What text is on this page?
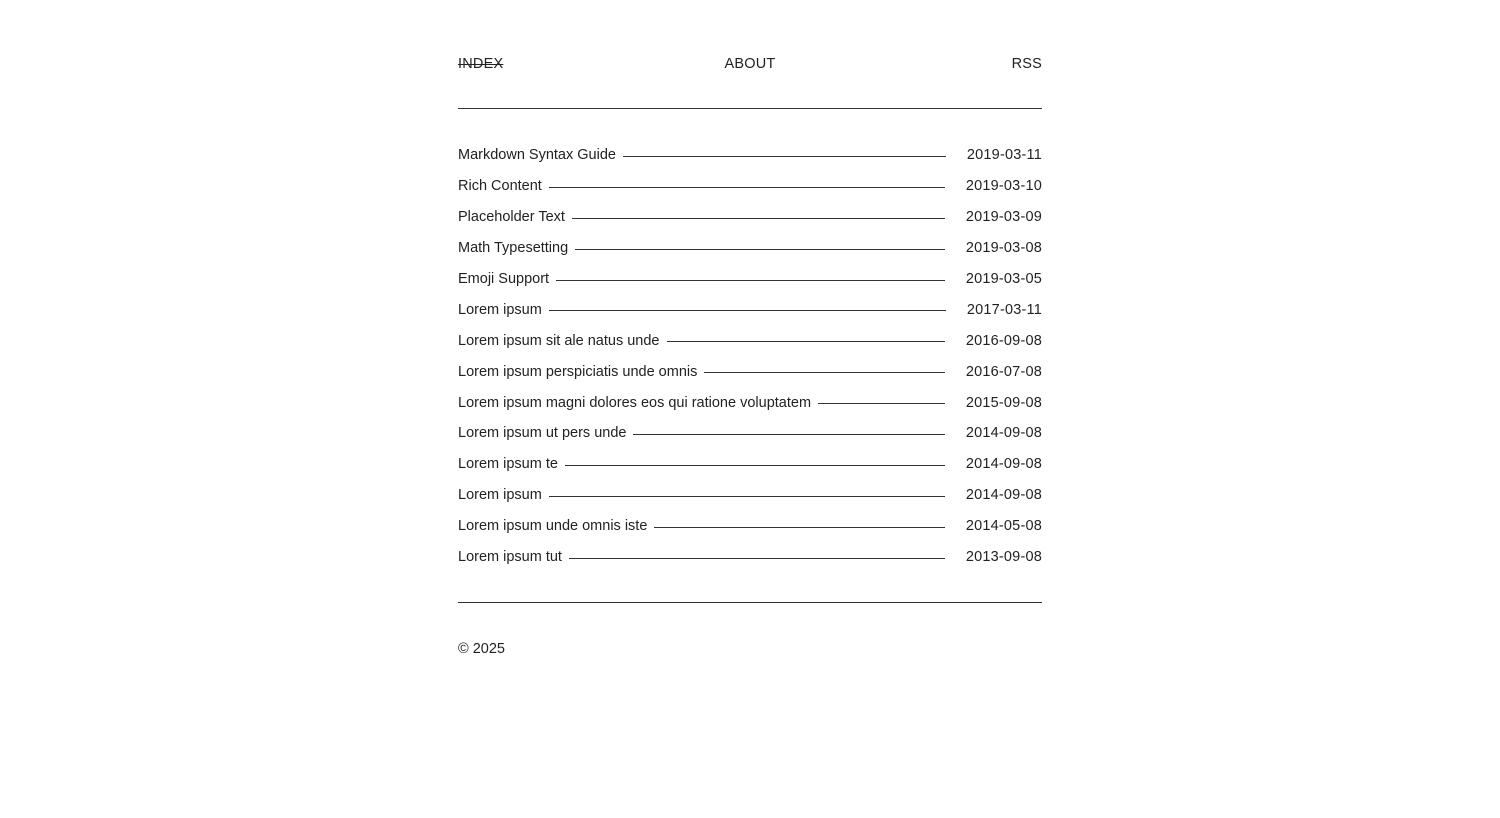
INDEX	ABOUT	RSS
Markdown Syntax Guide	2019-03-11
Rich Content	2019-03-10
Placeholder Text	2019-03-09
Math Typesetting	2019-03-08
Emoji Support	2019-03-05
Lorem ipsum	2017-03-11
Lorem ipsum sit ale natus unde	2016-09-08
Lorem ipsum perspiciatis unde omnis	2016-07-08
Lorem ipsum magni dolores eos qui ratione voluptatem	2015-09-08
Lorem ipsum ut pers unde	2014-09-08
Lorem ipsum te	2014-09-08
Lorem ipsum	2014-09-08
Lorem ipsum unde omnis iste	2014-05-08
Lorem ipsum tut	2013-09-08
© 2025
